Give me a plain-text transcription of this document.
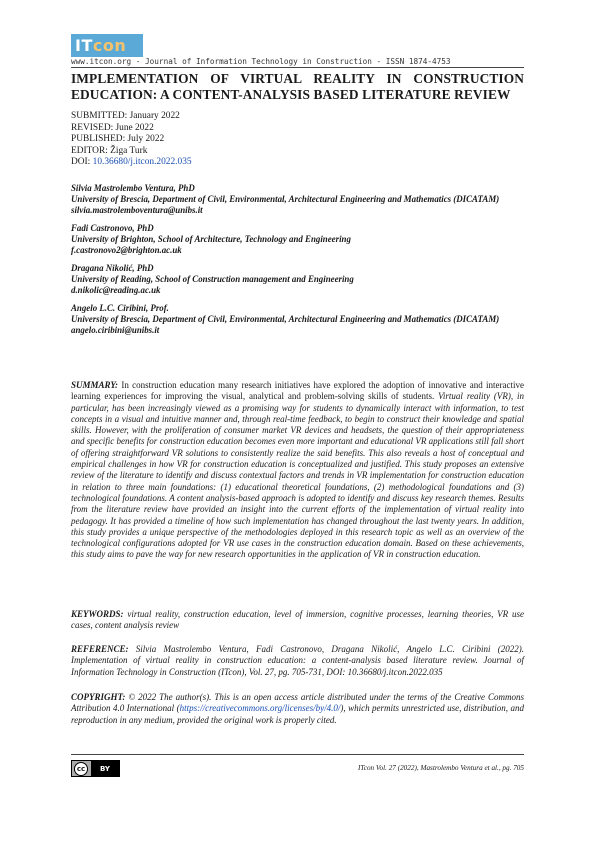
IT con
www.itcon.org - Journal of Information Technology in Construction - ISSN 1874-4753
IMPLEMENTATION OF VIRTUAL REALITY IN CONSTRUCTION EDUCATION: A CONTENT-ANALYSIS BASED LITERATURE REVIEW
SUBMITTED: January 2022
REVISED: June 2022
PUBLISHED: July 2022
EDITOR: Žiga Turk
DOI: 10.36680/j.itcon.2022.035
Silvia Mastrolembo Ventura, PhD
University of Brescia, Department of Civil, Environmental, Architectural Engineering and Mathematics (DICATAM)
silvia.mastrolemboventura@unibs.it
Fadi Castronovo, PhD
University of Brighton, School of Architecture, Technology and Engineering
f.castronovo2@brighton.ac.uk
Dragana Nikolić, PhD
University of Reading, School of Construction management and Engineering
d.nikolic@reading.ac.uk
Angelo L.C. Ciribini, Prof.
University of Brescia, Department of Civil, Environmental, Architectural Engineering and Mathematics (DICATAM)
angelo.ciribini@unibs.it
SUMMARY: In construction education many research initiatives have explored the adoption of innovative and interactive learning experiences for improving the visual, analytical and problem-solving skills of students. Virtual reality (VR), in particular, has been increasingly viewed as a promising way for students to dynamically interact with information, to test concepts in a visual and intuitive manner and, through real-time feedback, to begin to construct their knowledge and spatial skills. However, with the proliferation of consumer market VR devices and headsets, the question of their appropriateness and specific benefits for construction education becomes even more important and educational VR applications still fall short of offering straightforward VR solutions to consistently realize the said benefits. This also reveals a host of conceptual and empirical challenges in how VR for construction education is conceptualized and justified. This study proposes an extensive review of the literature to identify and discuss contextual factors and trends in VR implementation for construction education in relation to three main foundations: (1) educational theoretical foundations, (2) methodological foundations and (3) technological foundations. A content analysis-based approach is adopted to identify and discuss key research themes. Results from the literature review have provided an insight into the current efforts of the implementation of virtual reality into pedagogy. It has provided a timeline of how such implementation has changed throughout the last twenty years. In addition, this study provides a unique perspective of the methodologies deployed in this research topic as well as an overview of the technological configurations adopted for VR use cases in the construction education domain. Based on these achievements, this study aims to pave the way for new research opportunities in the application of VR in construction education.
KEYWORDS: virtual reality, construction education, level of immersion, cognitive processes, learning theories, VR use cases, content analysis review
REFERENCE: Silvia Mastrolembo Ventura, Fadi Castronovo, Dragana Nikolić, Angelo L.C. Ciribini (2022). Implementation of virtual reality in construction education: a content-analysis based literature review. Journal of Information Technology in Construction (ITcon), Vol. 27, pg. 705-731, DOI: 10.36680/j.itcon.2022.035
COPYRIGHT: © 2022 The author(s). This is an open access article distributed under the terms of the Creative Commons Attribution 4.0 International (https://creativecommons.org/licenses/by/4.0/), which permits unrestricted use, distribution, and reproduction in any medium, provided the original work is properly cited.
cc	BY	ITcon Vol. 27 (2022), Mastrolembo Ventura et al., pg. 705
